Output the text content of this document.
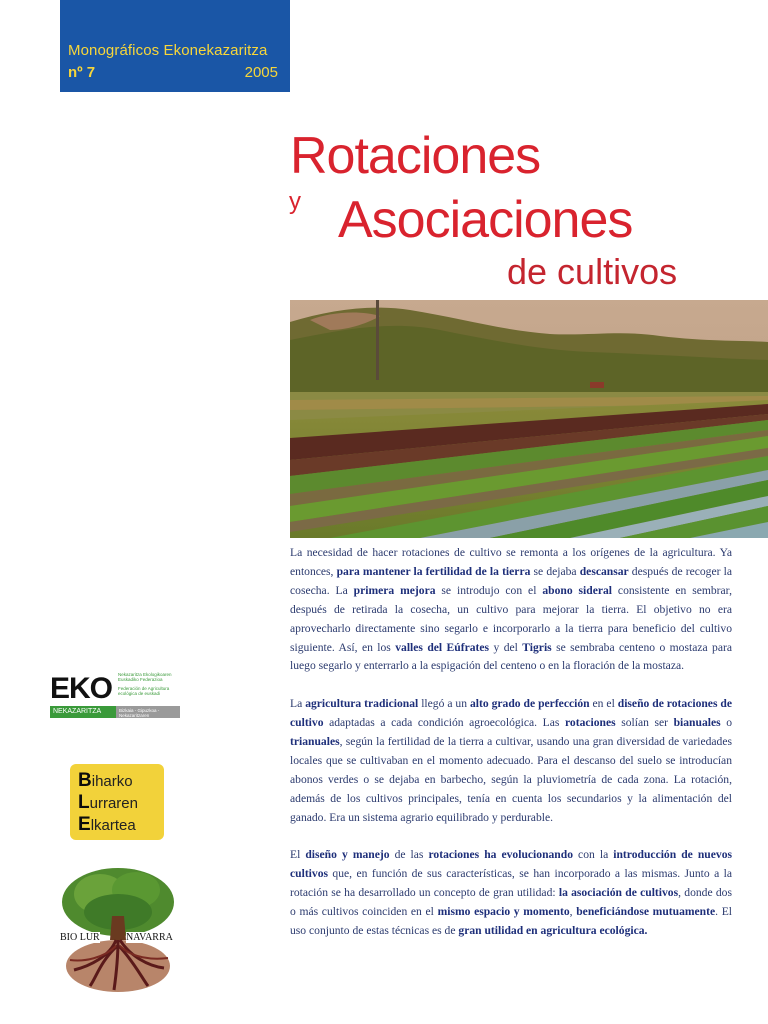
Monográficos Ekonekazaritza
nº 7	2005
Rotaciones
y Asociaciones
de cultivos

La necesidad de hacer rotaciones de cultivo se remonta a los orígenes de la agricultura. Ya entonces, para mantener la fertilidad de la tierra se dejaba descansar después de recoger la cosecha. La primera mejora se introdujo con el abono sideral consistente en sembrar, después de retirada la cosecha, un cultivo para mejorar la tierra. El objetivo no era aprovecharlo directamente sino segarlo e incorporarlo a la tierra para beneficio del cultivo siguiente. Así, en los valles del Eúfrates y del Tigris se sembraba centeno o mostaza para luego segarlo y enterrarlo a la espigación del centeno o en la floración de la mostaza.

La agricultura tradicional llegó a un alto grado de perfección en el diseño de rotaciones de cultivo adaptadas a cada condición agroecológica. Las rotaciones solían ser bianuales o trianuales, según la fertilidad de la tierra a cultivar, usando una gran diversidad de variedades locales que se cultivaban en el momento adecuado. Para el descanso del suelo se introducían abonos verdes o se dejaba en barbecho, según la pluviometría de cada zona. La rotación, además de los cultivos principales, tenía en cuenta los secundarios y la alimentación del ganado. Era un sistema agrario equilibrado y perdurable.

El diseño y manejo de las rotaciones ha evolucionando con la introducción de nuevos cultivos que, en función de sus características, se han incorporado a las mismas. Junto a la rotación se ha desarrollado un concepto de gran utilidad: la asociación de cultivos, donde dos o más cultivos coinciden en el mismo espacio y momento, beneficiándose mutuamente. El uso conjunto de estas técnicas es de gran utilidad en agricultura ecológica.

EKO Nekazaritza Ekologikoaren Euskadiko Federazioa
Federación de Agricultura ecológica de euskadi
NEKAZARITZA	Bizkaia - Gipuzkoa - Nekazaritzaren
Biharko
Lurraren
Elkartea
BIO LUR	NAVARRA
